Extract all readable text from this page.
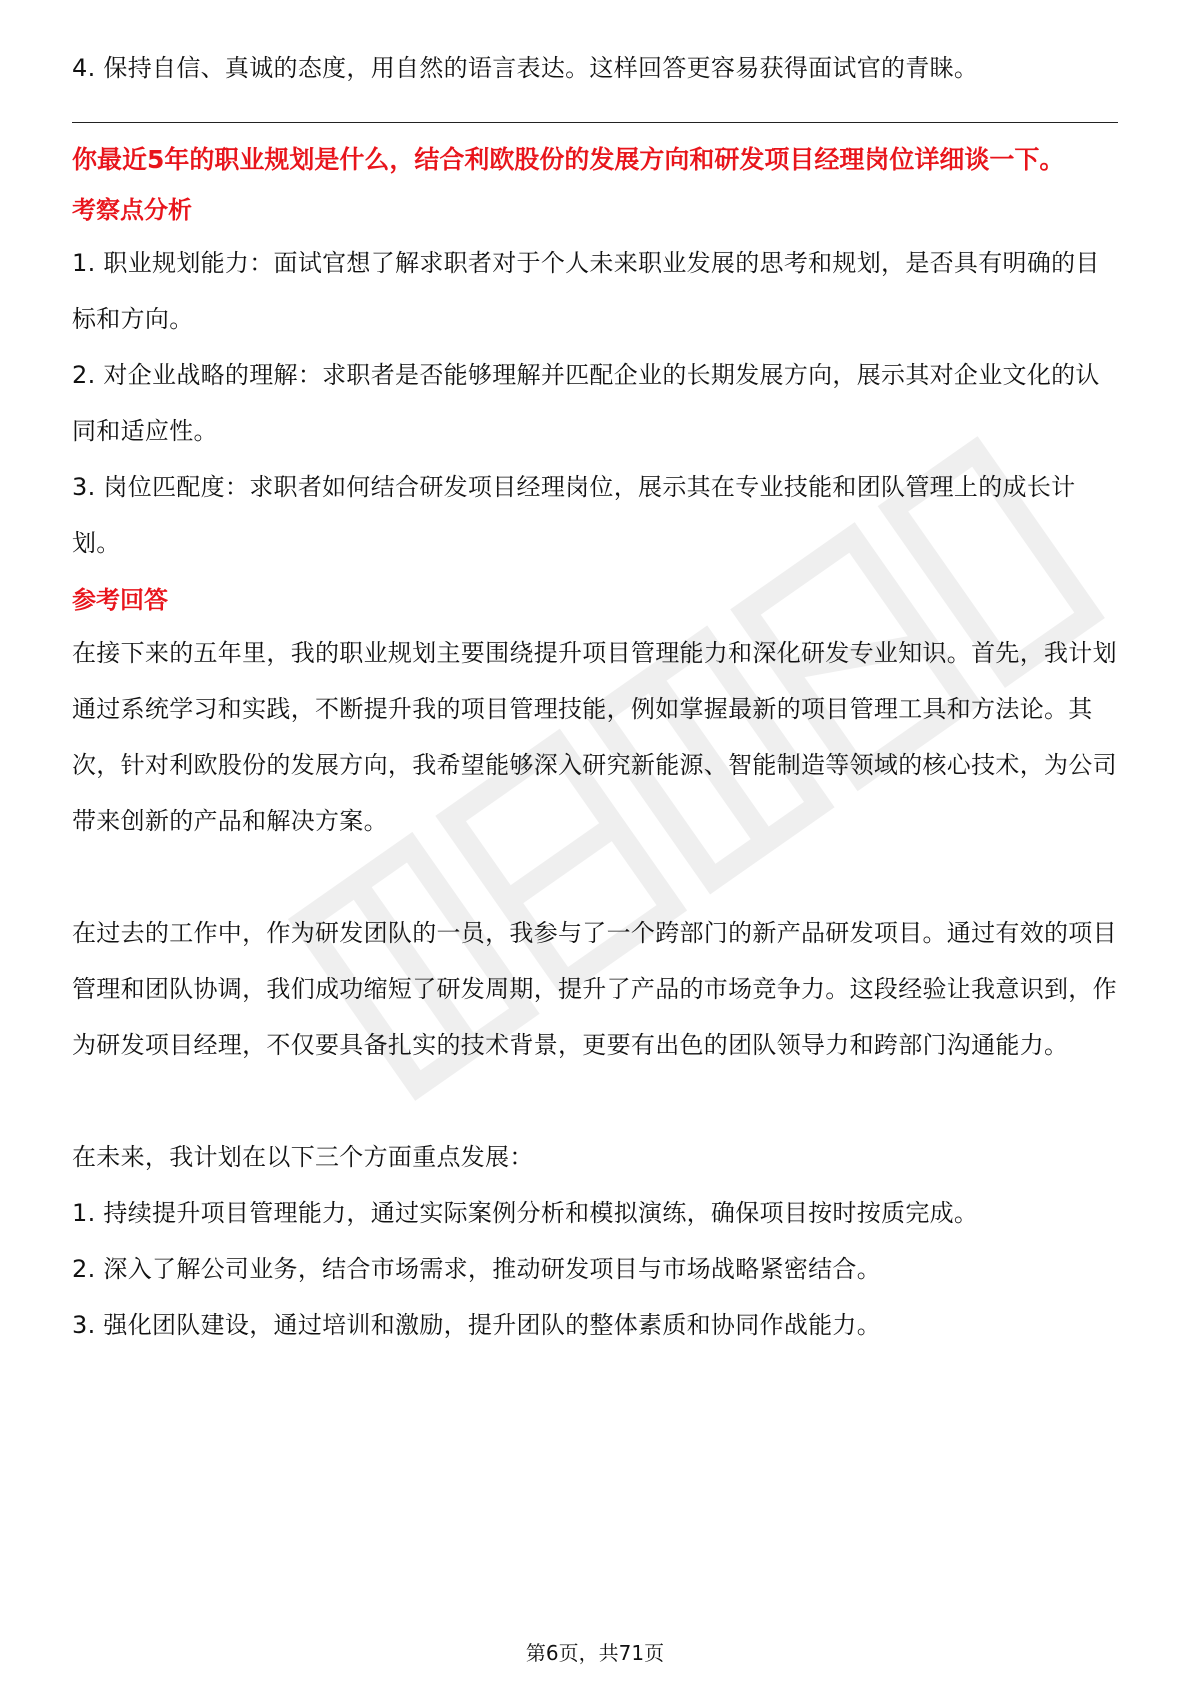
4. 保持自信、真诚的态度，用自然的语言表达。这样回答更容易获得面试官的青睐。

你最近5年的职业规划是什么，结合利欧股份的发展方向和研发项目经理岗位详细谈一下。

考察点分析

1. 职业规划能力：面试官想了解求职者对于个人未来职业发展的思考和规划，是否具有明确的目标和方向。

2. 对企业战略的理解：求职者是否能够理解并匹配企业的长期发展方向，展示其对企业文化的认同和适应性。

3. 岗位匹配度：求职者如何结合研发项目经理岗位，展示其在专业技能和团队管理上的成长计划。

参考回答

在接下来的五年里，我的职业规划主要围绕提升项目管理能力和深化研发专业知识。首先，我计划通过系统学习和实践，不断提升我的项目管理技能，例如掌握最新的项目管理工具和方法论。其次，针对利欧股份的发展方向，我希望能够深入研究新能源、智能制造等领域的核心技术，为公司带来创新的产品和解决方案。

在过去的工作中，作为研发团队的一员，我参与了一个跨部门的新产品研发项目。通过有效的项目管理和团队协调，我们成功缩短了研发周期，提升了产品的市场竞争力。这段经验让我意识到，作为研发项目经理，不仅要具备扎实的技术背景，更要有出色的团队领导力和跨部门沟通能力。

在未来，我计划在以下三个方面重点发展：

1. 持续提升项目管理能力，通过实际案例分析和模拟演练，确保项目按时按质完成。

2. 深入了解公司业务，结合市场需求，推动研发项目与市场战略紧密结合。

3. 强化团队建设，通过培训和激励，提升团队的整体素质和协同作战能力。

第6页，共71页
